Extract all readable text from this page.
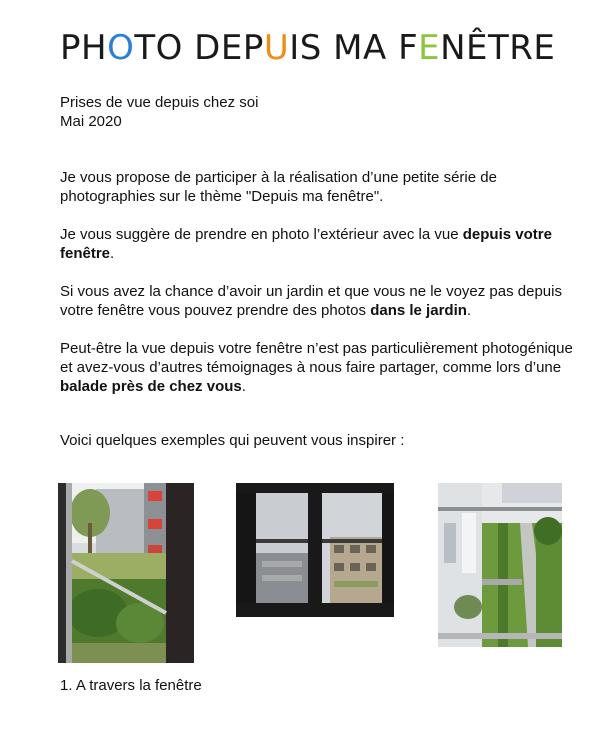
PHOTO DEPUIS MA FENÊTRE
Prises de vue depuis chez soi
Mai 2020

Je vous propose de participer à la réalisation d’une petite série de photographies sur le thème "Depuis ma fenêtre".

Je vous suggère de prendre en photo l’extérieur avec la vue depuis votre fenêtre.

Si vous avez la chance d’avoir un jardin et que vous ne le voyez pas depuis votre fenêtre vous pouvez prendre des photos dans le jardin.

Peut-être la vue depuis votre fenêtre n’est pas particulièrement photogénique et avez-vous d’autres témoignages à nous faire partager, comme lors d’une balade près de chez vous.

Voici quelques exemples qui peuvent vous inspirer :
1. A travers la fenêtre
